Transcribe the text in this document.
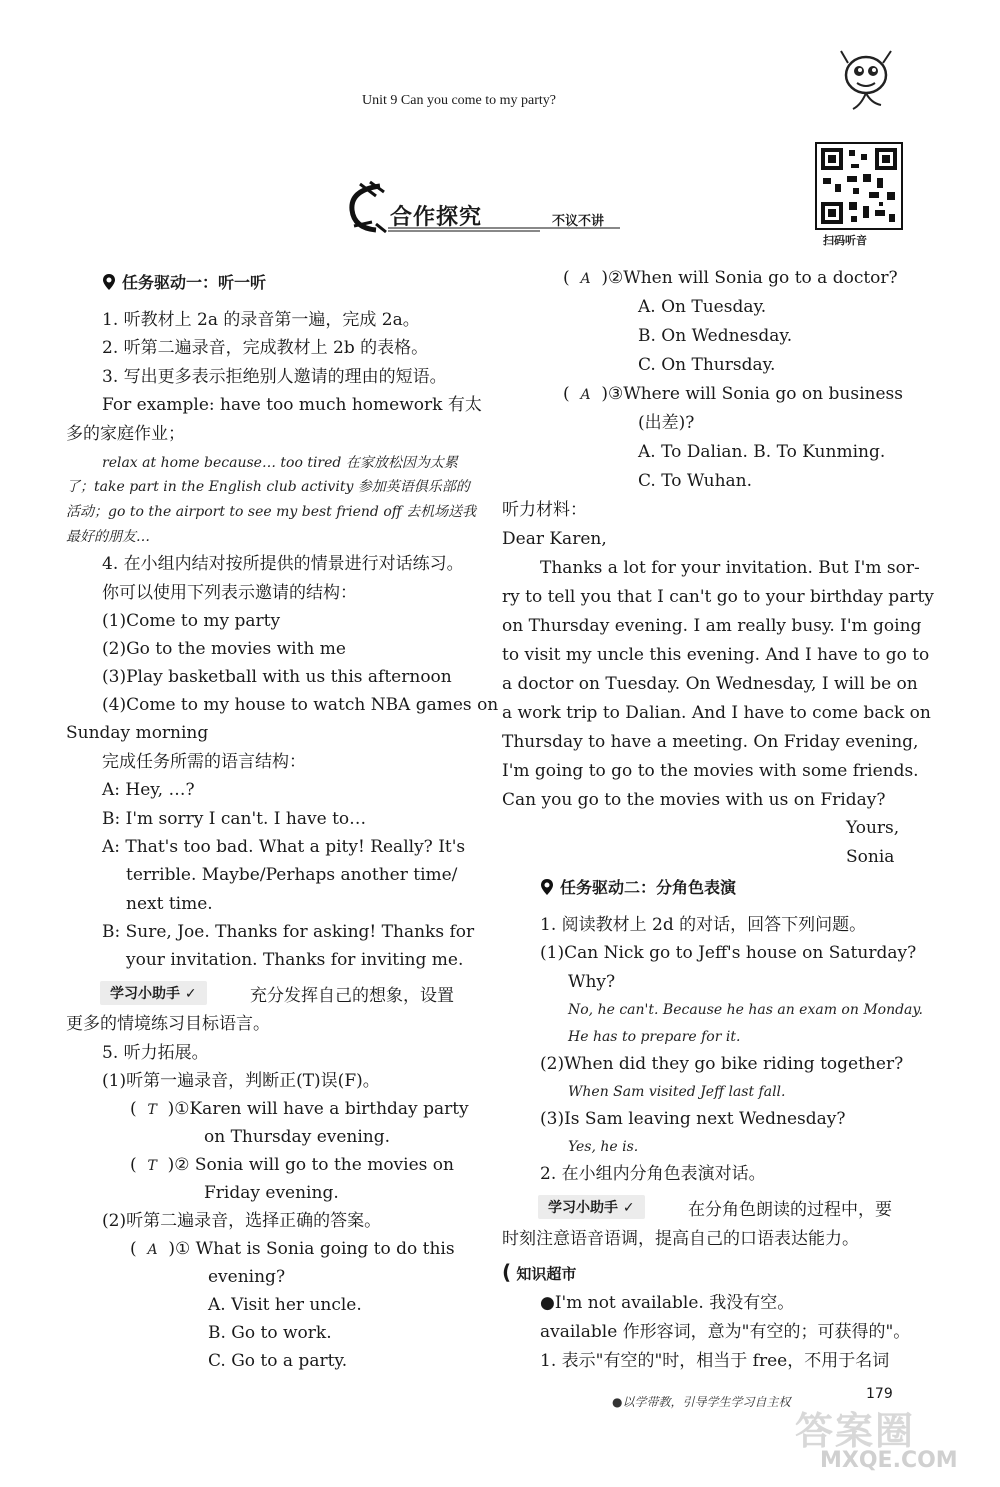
Unit 9 Can you come to my party?
扫码听音
合作探究	不议不讲
任务驱动一：听一听
1. 听教材上 2a 的录音第一遍，完成 2a。
2. 听第二遍录音，完成教材上 2b 的表格。
3. 写出更多表示拒绝别人邀请的理由的短语。
For example: have too much homework 有太
多的家庭作业；
relax at home because… too tired 在家放松因为太累
了；take part in the English club activity 参加英语俱乐部的
活动；go to the airport to see my best friend off 去机场送我
最好的朋友…
4. 在小组内结对按所提供的情景进行对话练习。
你可以使用下列表示邀请的结构：
(1)Come to my party
(2)Go to the movies with me
(3)Play basketball with us this afternoon
(4)Come to my house to watch NBA games on
Sunday morning
完成任务所需的语言结构：
A: Hey, …?
B: I'm sorry I can't. I have to…
A: That's too bad. What a pity! Really? It's
terrible. Maybe/Perhaps another time/
next time.
B: Sure, Joe. Thanks for asking! Thanks for
your invitation. Thanks for inviting me.
学习小助手 ✓	充分发挥自己的想象，设置
更多的情境练习目标语言。
5. 听力拓展。
(1)听第一遍录音，判断正(T)误(F)。
(  T )①Karen will have a birthday party
on Thursday evening.
(  T )② Sonia will go to the movies on
Friday evening.
(2)听第二遍录音，选择正确的答案。
(  A )① What is Sonia going to do this
evening?
A. Visit her uncle.
B. Go to work.
C. Go to a party.
(  A )②When will Sonia go to a doctor?
A. On Tuesday.
B. On Wednesday.
C. On Thursday.
(  A )③Where will Sonia go on business
(出差)?
A. To Dalian. B. To Kunming.
C. To Wuhan.
听力材料：
Dear Karen,
Thanks a lot for your invitation. But I'm sor-
ry to tell you that I can't go to your birthday party
on Thursday evening. I am really busy. I'm going
to visit my uncle this evening. And I have to go to
a doctor on Tuesday. On Wednesday, I will be on
a work trip to Dalian. And I have to come back on
Thursday to have a meeting. On Friday evening,
I'm going to go to the movies with some friends.
Can you go to the movies with us on Friday?
Yours,
Sonia
任务驱动二：分角色表演
1. 阅读教材上 2d 的对话，回答下列问题。
(1)Can Nick go to Jeff's house on Saturday?
Why?
No, he can't. Because he has an exam on Monday.
He has to prepare for it.
(2)When did they go bike riding together?
When Sam visited Jeff last fall.
(3)Is Sam leaving next Wednesday?
Yes, he is.
2. 在小组内分角色表演对话。
学习小助手 ✓	在分角色朗读的过程中，要
时刻注意语音语调，提高自己的口语表达能力。
( 知识超市
●I'm not available. 我没有空。
available 作形容词，意为"有空的；可获得的"。
1. 表示"有空的"时，相当于 free，不用于名词
●以学带教，引导学生学习自主权	179
答案圈
MXQE.COM
